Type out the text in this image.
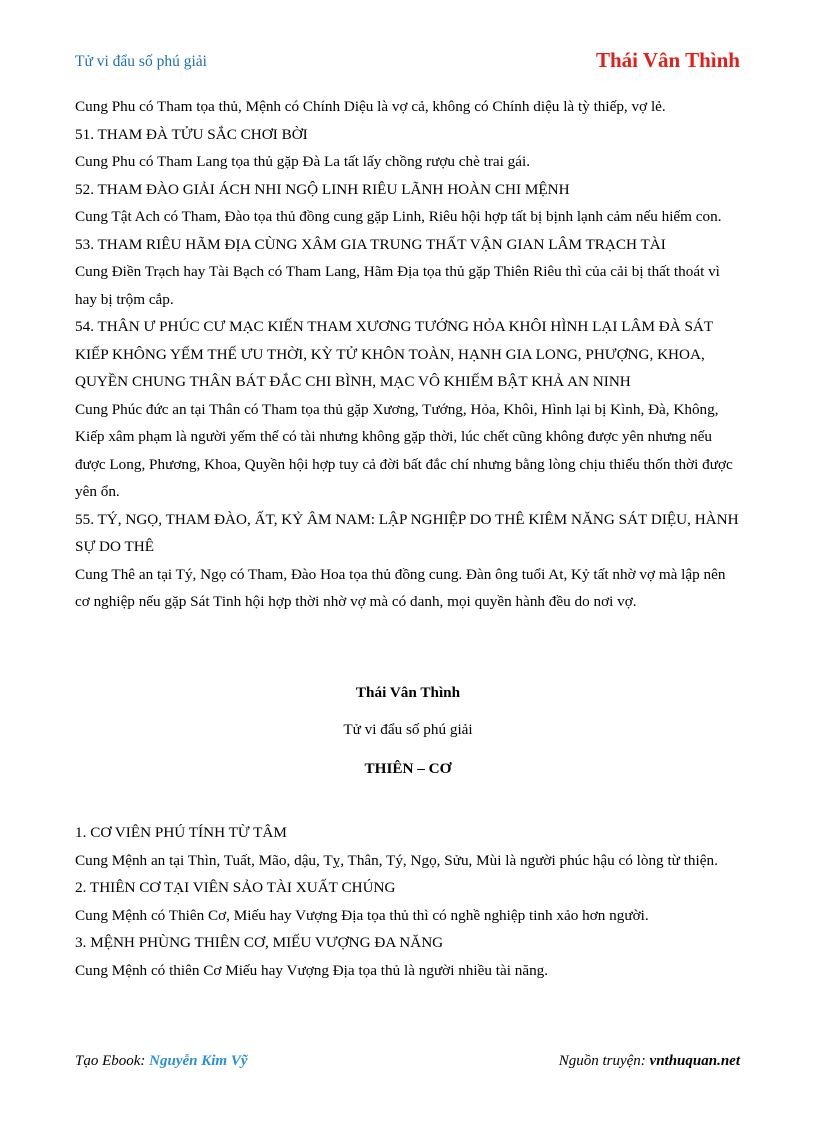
Tử vi đẩu số phú giải	Thái Vân Thình

Cung Phu có Tham tọa thủ, Mệnh có Chính Diệu là vợ cả, không có Chính diệu là tỳ thiếp, vợ lẻ.

51. THAM ĐÀ TỬU SẮC CHƠI BỜI

Cung Phu có Tham Lang tọa thủ gặp Đà La tất lấy chồng rượu chè trai gái.

52. THAM ĐÀO GIẢI ÁCH NHI NGỘ LINH RIÊU LÃNH HOÀN CHI MỆNH

Cung Tật Ach có Tham, Đào tọa thủ đồng cung gặp Linh, Riêu hội hợp tất bị bịnh lạnh cảm nếu hiếm con.

53. THAM RIÊU HÃM ĐỊA CÙNG XÂM GIA TRUNG THẤT VẬN GIAN LÂM TRẠCH TÀI

Cung Điền Trạch hay Tài Bạch có Tham Lang, Hãm Địa tọa thủ gặp Thiên Riêu thì của cải bị thất thoát vì hay bị trộm cắp.

54. THÂN Ư PHÚC CƯ MẠC KIẾN THAM XƯƠNG TƯỚNG HỎA KHÔI HÌNH LẠI LÂM ĐÀ SÁT KIẾP KHÔNG YẾM THẾ ƯU THỜI, KỲ TỬ KHÔN TOÀN, HẠNH GIA LONG, PHƯỢNG, KHOA, QUYỀN CHUNG THÂN BÁT ĐẮC CHI BÌNH, MẠC VÔ KHIẾM BẬT KHẢ AN NINH

Cung Phúc đức an tại Thân có Tham tọa thủ gặp Xương, Tướng, Hỏa, Khôi, Hình lại bị Kình, Đà, Không, Kiếp xâm phạm là người yếm thế có tài nhưng không gặp thời, lúc chết cũng không được yên nhưng nếu được Long, Phương, Khoa, Quyền hội hợp tuy cả đời bất đắc chí nhưng bằng lòng chịu thiếu thốn thời được yên ổn.

55. TÝ, NGỌ, THAM ĐÀO, ẤT, KỶ ÂM NAM: LẬP NGHIỆP DO THÊ KIÊM NĂNG SÁT DIỆU, HÀNH SỰ DO THÊ

Cung Thê an tại Tý, Ngọ có Tham, Đào Hoa tọa thủ đồng cung. Đàn ông tuổi At, Kỷ tất nhờ vợ mà lập nên cơ nghiệp nếu gặp Sát Tinh hội hợp thời nhờ vợ mà có danh, mọi quyền hành đều do nơi vợ.

Thái Vân Thình
Tử vi đẩu số phú giải
THIÊN – CƠ

1. CƠ VIÊN PHÚ TÍNH TỪ TÂM

Cung Mệnh an tại Thìn, Tuất, Mão, dậu, Tỵ, Thân, Tý, Ngọ, Sửu, Mùi là người phúc hậu có lòng từ thiện.

2. THIÊN CƠ TẠI VIÊN SẢO TÀI XUẤT CHÚNG

Cung Mệnh có Thiên Cơ, Miếu hay Vượng Địa tọa thủ thì có nghề nghiệp tinh xảo hơn người.

3. MỆNH PHÙNG THIÊN CƠ, MIẾU VƯỢNG ĐA NĂNG

Cung Mệnh có thiên Cơ Miếu hay Vượng Địa tọa thủ là người nhiều tài năng.

Tạo Ebook: Nguyễn Kim Vỹ	Nguồn truyện: vnthuquan.net
